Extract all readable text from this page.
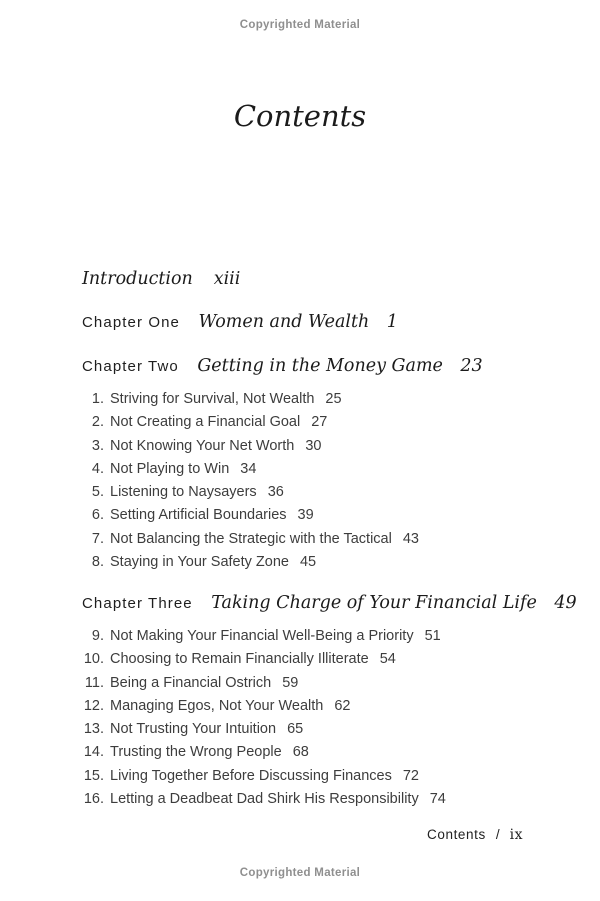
Copyrighted Material
Contents
Introduction xiii
Chapter One Women and Wealth 1
Chapter Two Getting in the Money Game 23
1. Striving for Survival, Not Wealth 25
2. Not Creating a Financial Goal 27
3. Not Knowing Your Net Worth 30
4. Not Playing to Win 34
5. Listening to Naysayers 36
6. Setting Artificial Boundaries 39
7. Not Balancing the Strategic with the Tactical 43
8. Staying in Your Safety Zone 45
Chapter Three Taking Charge of Your Financial Life 49
9. Not Making Your Financial Well-Being a Priority 51
10. Choosing to Remain Financially Illiterate 54
11. Being a Financial Ostrich 59
12. Managing Egos, Not Your Wealth 62
13. Not Trusting Your Intuition 65
14. Trusting the Wrong People 68
15. Living Together Before Discussing Finances 72
16. Letting a Deadbeat Dad Shirk His Responsibility 74
Contents / ix
Copyrighted Material
